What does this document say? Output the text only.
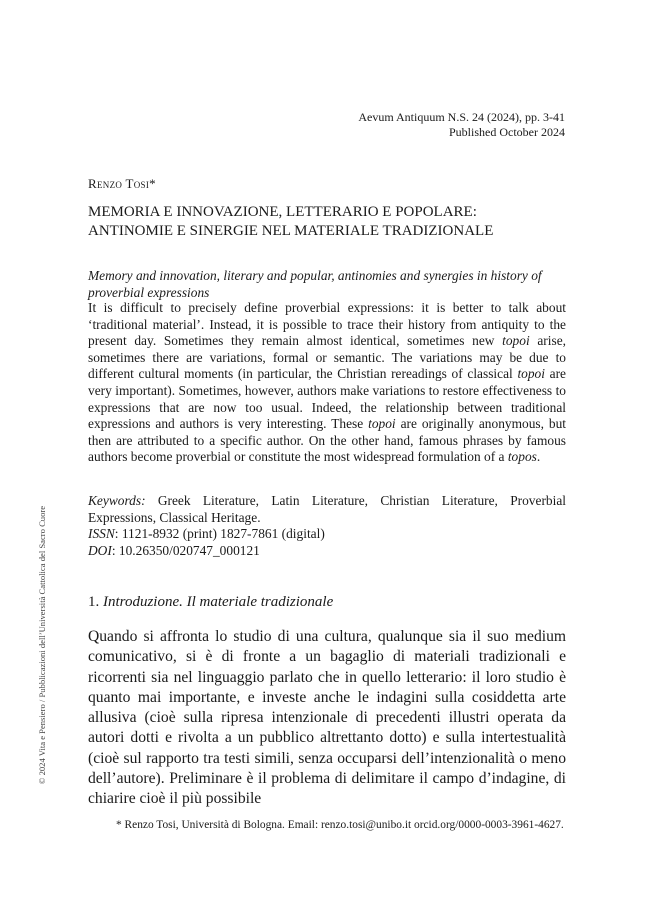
Aevum Antiquum N.S. 24 (2024), pp. 3-41
Published October 2024
Renzo Tosi*
MEMORIA E INNOVAZIONE, LETTERARIO E POPOLARE:
ANTINOMIE E SINERGIE NEL MATERIALE TRADIZIONALE
Memory and innovation, literary and popular, antinomies and synergies in history of proverbial expressions
It is difficult to precisely define proverbial expressions: it is better to talk about ‘traditional material’. Instead, it is possible to trace their history from antiquity to the present day. Sometimes they remain almost identical, sometimes new topoi arise, sometimes there are variations, formal or semantic. The variations may be due to different cultural moments (in particular, the Christian rereadings of classical topoi are very important). Sometimes, however, authors make variations to restore effectiveness to expressions that are now too usual. Indeed, the relationship between traditional expressions and authors is very interesting. These topoi are originally anonymous, but then are attributed to a specific author. On the other hand, famous phrases by famous authors become proverbial or constitute the most widespread formulation of a topos.
Keywords: Greek Literature, Latin Literature, Christian Literature, Proverbial Expressions, Classical Heritage.
ISSN: 1121-8932 (print) 1827-7861 (digital)
DOI: 10.26350/020747_000121
1. Introduzione. Il materiale tradizionale
Quando si affronta lo studio di una cultura, qualunque sia il suo medium comunicativo, si è di fronte a un bagaglio di materiali tradizionali e ricorrenti sia nel linguaggio parlato che in quello letterario: il loro studio è quanto mai importante, e investe anche le indagini sulla cosiddetta arte allusiva (cioè sulla ripresa intenzionale di precedenti illustri operata da autori dotti e rivolta a un pubblico altrettanto dotto) e sulla intertestualità (cioè sul rapporto tra testi simili, senza occuparsi dell’intenzionalità o meno dell’autore). Preliminare è il problema di delimitare il campo d’indagine, di chiarire cioè il più possibile
* Renzo Tosi, Università di Bologna. Email: renzo.tosi@unibo.it orcid.org/0000-0003-3961-4627.
© 2024 Vita e Pensiero / Pubblicazioni dell’Università Cattolica del Sacro Cuore
